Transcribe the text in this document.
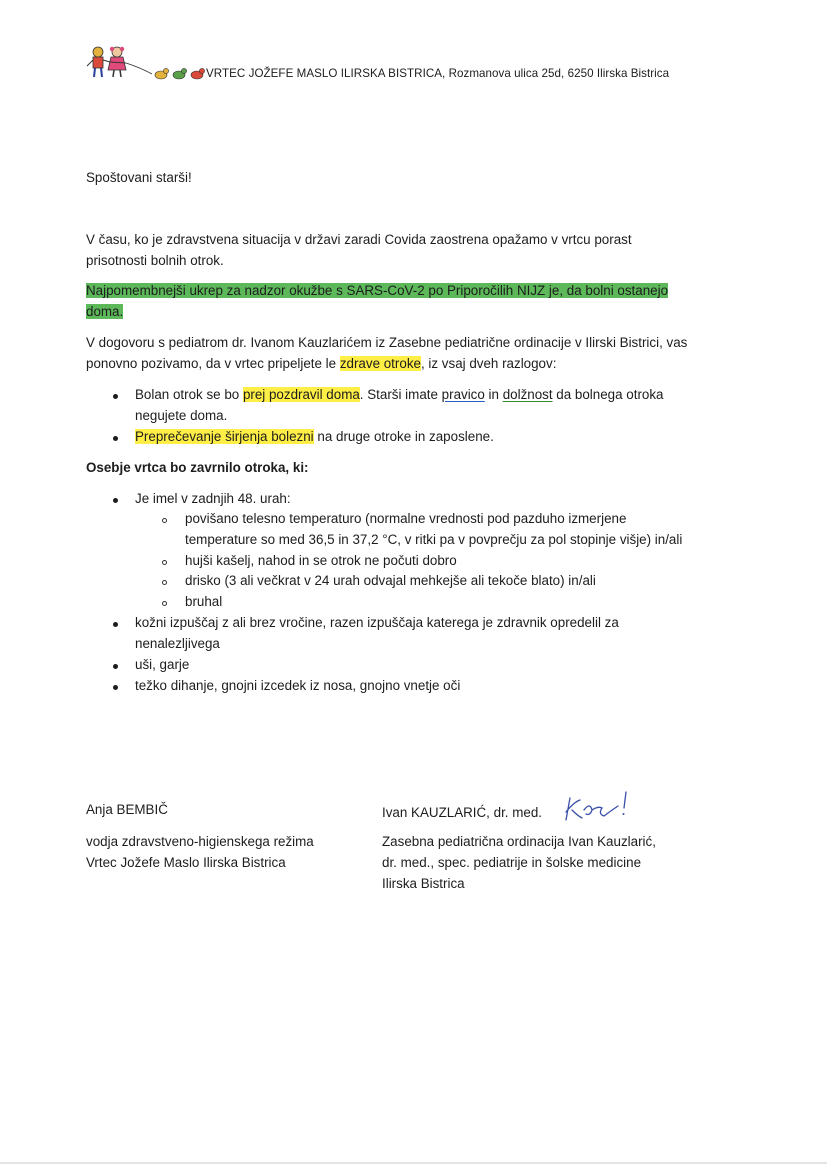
VRTEC JOŽEFE MASLO ILIRSKA BISTRICA, Rozmanova ulica 25d, 6250 Ilirska Bistrica
Spoštovani starši!
V času, ko je zdravstvena situacija v državi zaradi Covida zaostrena opažamo v vrtcu porast
prisotnosti bolnih otrok.
Najpomembnejši ukrep za nadzor okužbe s SARS-CoV-2 po Priporočilih NIJZ je, da bolni ostanejo
doma.
V dogovoru s pediatrom dr. Ivanom Kauzlarićem iz Zasebne pediatrične ordinacije v Ilirski Bistrici, vas
ponovno pozivamo, da v vrtec pripeljete le zdrave otroke, iz vsaj dveh razlogov:
Bolan otrok se bo prej pozdravil doma. Starši imate pravico in dolžnost da bolnega otroka
negujete doma.
Preprečevanje širjenja bolezni na druge otroke in zaposlene.
Osebje vrtca bo zavrnilo otroka, ki:
Je imel v zadnjih 48. urah:
povišano telesno temperaturo (normalne vrednosti pod pazduho izmerjene
temperature so med 36,5 in 37,2 °C, v ritki pa v povprečju za pol stopinje višje) in/ali
hujši kašelj, nahod in se otrok ne počuti dobro
drisko (3 ali večkrat v 24 urah odvajal mehkejše ali tekoče blato) in/ali
bruhal
kožni izpuščaj z ali brez vročine, razen izpuščaja katerega je zdravnik opredelil za
nenalezljivega
uši, garje
težko dihanje, gnojni izcedek iz nosa, gnojno vnetje oči
Anja BEMBIČ
vodja zdravstveno-higienskega režima
Vrtec Jožefe Maslo Ilirska Bistrica
Ivan KAUZLARIĆ, dr. med.
Zasebna pediatrična ordinacija Ivan Kauzlarić,
dr. med., spec. pediatrije in šolske medicine
Ilirska Bistrica
